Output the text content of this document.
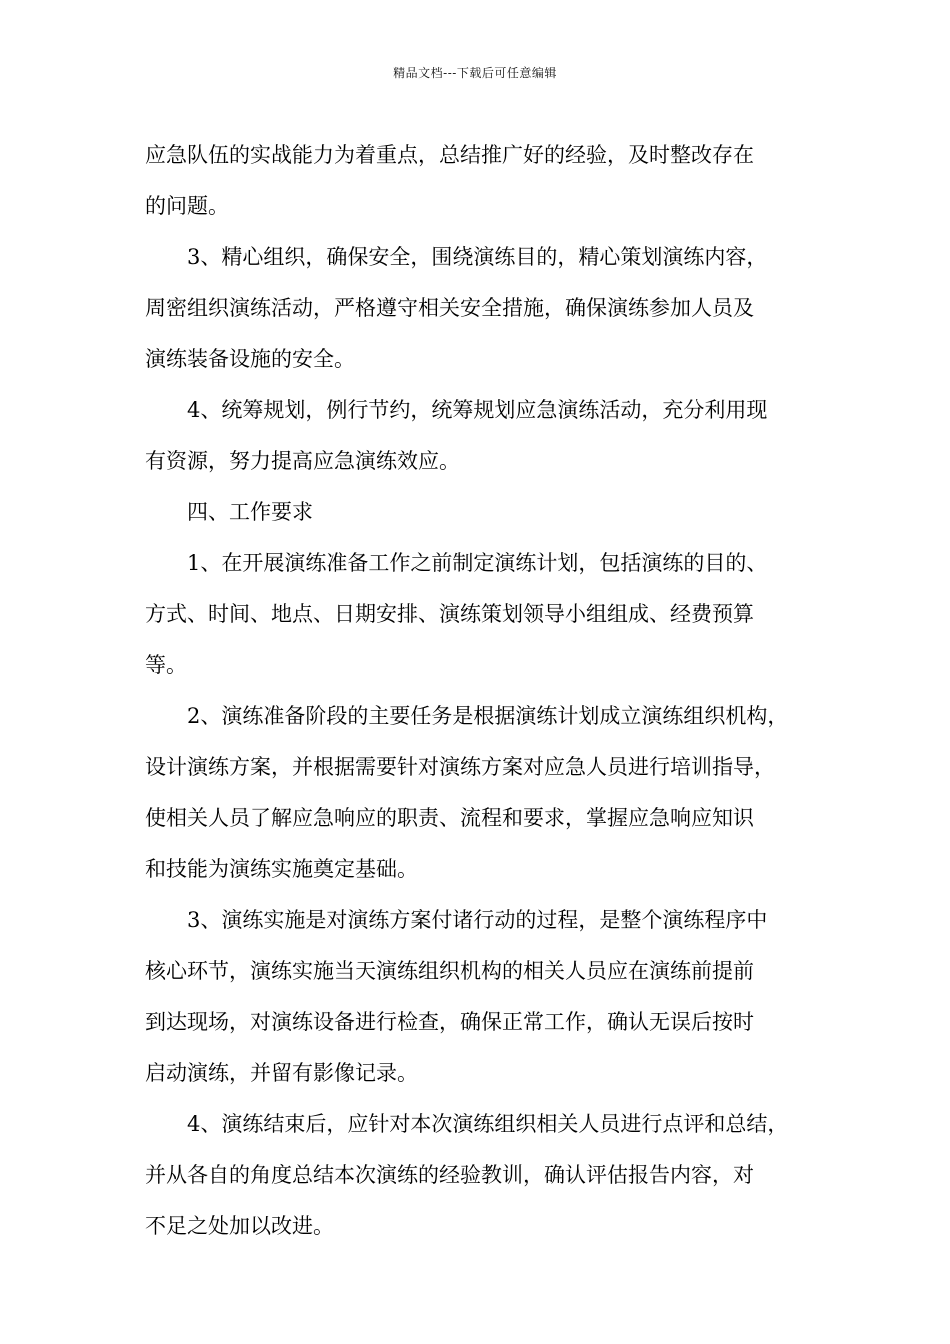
精品文档---下载后可任意编辑
应急队伍的实战能力为着重点，总结推广好的经验，及时整改存在
的问题。
3、精心组织，确保安全，围绕演练目的，精心策划演练内容，
周密组织演练活动，严格遵守相关安全措施，确保演练参加人员及
演练装备设施的安全。
4、统筹规划，例行节约，统筹规划应急演练活动，充分利用现
有资源，努力提高应急演练效应。
四、工作要求
1、在开展演练准备工作之前制定演练计划，包括演练的目的、
方式、时间、地点、日期安排、演练策划领导小组组成、经费预算
等。
2、演练准备阶段的主要任务是根据演练计划成立演练组织机构，
设计演练方案，并根据需要针对演练方案对应急人员进行培训指导，
使相关人员了解应急响应的职责、流程和要求，掌握应急响应知识
和技能为演练实施奠定基础。
3、演练实施是对演练方案付诸行动的过程，是整个演练程序中
核心环节，演练实施当天演练组织机构的相关人员应在演练前提前
到达现场，对演练设备进行检查，确保正常工作，确认无误后按时
启动演练，并留有影像记录。
4、演练结束后，应针对本次演练组织相关人员进行点评和总结，
并从各自的角度总结本次演练的经验教训，确认评估报告内容，对
不足之处加以改进。
